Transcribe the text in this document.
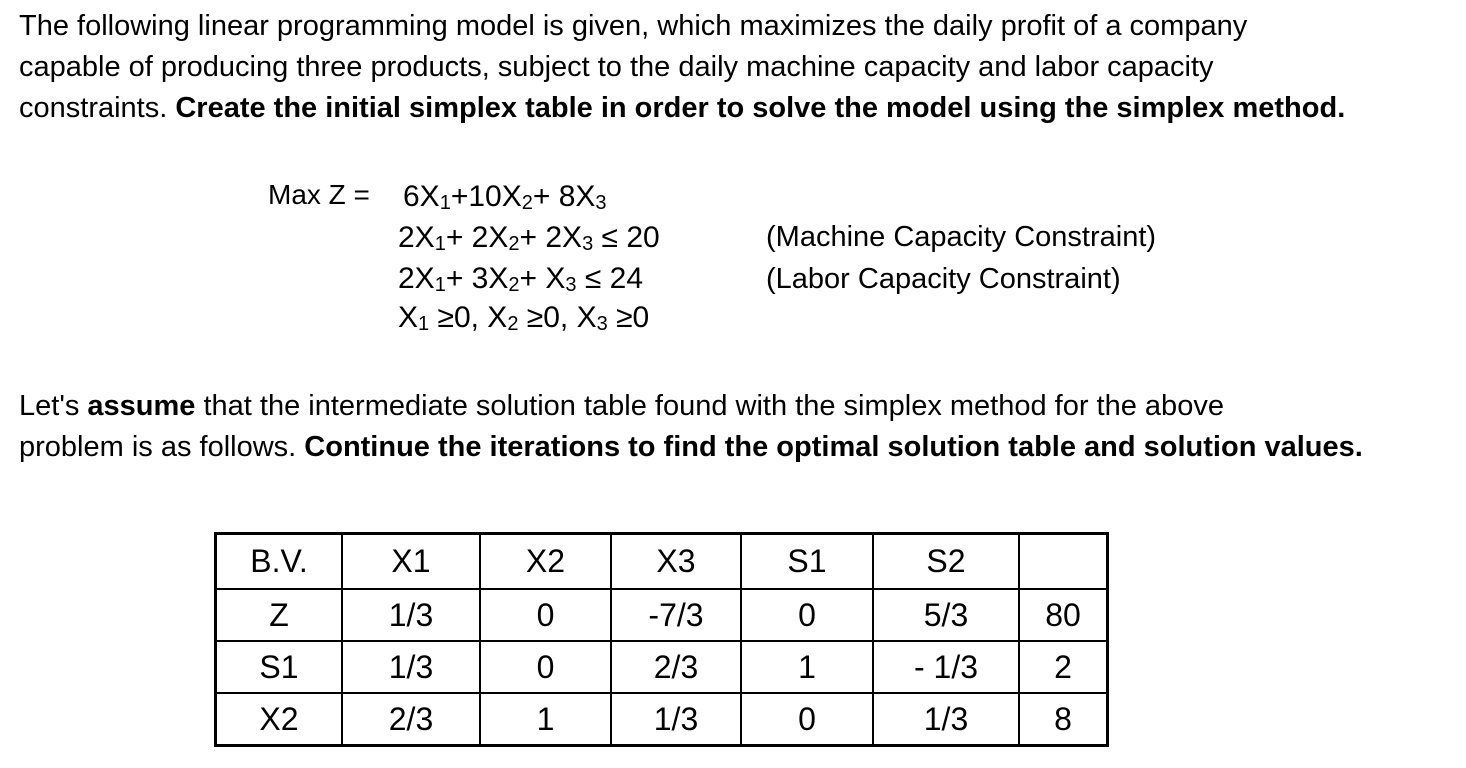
The following linear programming model is given, which maximizes the daily profit of a company
capable of producing three products, subject to the daily machine capacity and labor capacity
constraints. Create the initial simplex table in order to solve the model using the simplex method.
Max $Z = 6X_1+10X_2+ 8X_3$
$2X_1+ 2X_2+ 2X_3 \le 20$	(Machine Capacity Constraint)
$2X_1+ 3X_2+ X_3 \le 24$	(Labor Capacity Constraint)
$X_1 \ge 0$, $X_2 \ge 0$, $X_3 \ge 0$
Let's assume that the intermediate solution table found with the simplex method for the above
problem is as follows. Continue the iterations to find the optimal solution table and solution values.
B.V.	X1	X2	X3	S1	S2	
Z	1/3	0	-7/3	0	5/3	80
S1	1/3	0	2/3	1	- 1/3	2
X2	2/3	1	1/3	0	1/3	8
